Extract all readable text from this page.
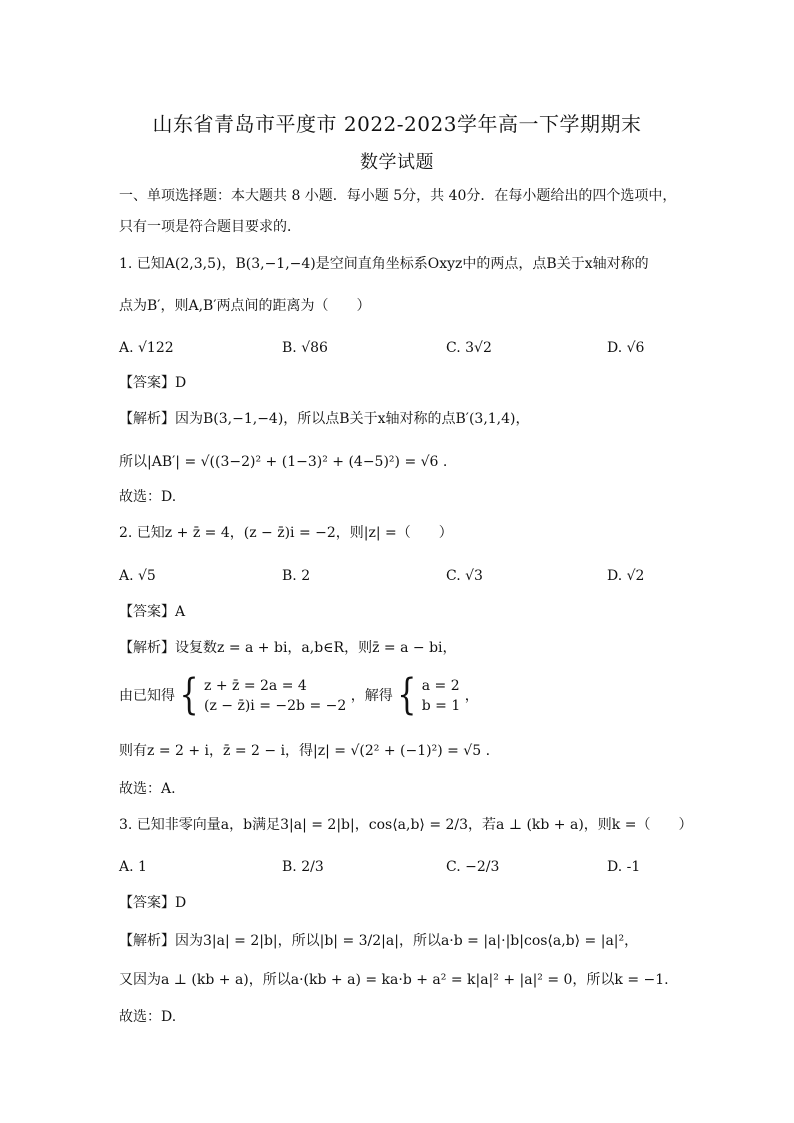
山东省青岛市平度市 2022-2023学年高一下学期期末
数学试题
一、单项选择题：本大题共 8 小题．每小题 5分，共 40分．在每小题给出的四个选项中，
只有一项是符合题目要求的．
1. 已知A(2,3,5)，B(3,−1,−4)是空间直角坐标系Oxyz中的两点，点B关于x轴对称的
点为B′，则A,B′两点间的距离为（　　）
A. √122	B. √86	C. 3√2	D. √6
【答案】D
【解析】因为B(3,−1,−4)，所以点B关于x轴对称的点B′(3,1,4)，
所以|AB′| = √((3−2)² + (1−3)² + (4−5)²) = √6 .
故选：D.
2. 已知z + z̄ = 4，(z − z̄)i = −2，则|z| =（　　）
A. √5	B. 2	C. √3	D. √2
【答案】A
【解析】设复数z = a + bi，a,b∈R，则z̄ = a − bi，
由已知得 { z + z̄ = 2a = 4
(z − z̄)i = −2b = −2
，解得 { a = 2
b = 1
，
则有z = 2 + i，z̄ = 2 − i，得|z| = √(2² + (−1)²) = √5 .
故选：A.
3. 已知非零向量a，b满足3|a| = 2|b|，cos⟨a,b⟩ = 2/3，若a ⊥ (kb + a)，则k =（　　）
A. 1	B. 2/3	C. −2/3	D. -1
【答案】D
【解析】因为3|a| = 2|b|，所以|b| = 3/2|a|，所以a·b = |a|·|b|cos⟨a,b⟩ = |a|²，
又因为a ⊥ (kb + a)，所以a·(kb + a) = ka·b + a² = k|a|² + |a|² = 0，所以k = −1.
故选：D.
